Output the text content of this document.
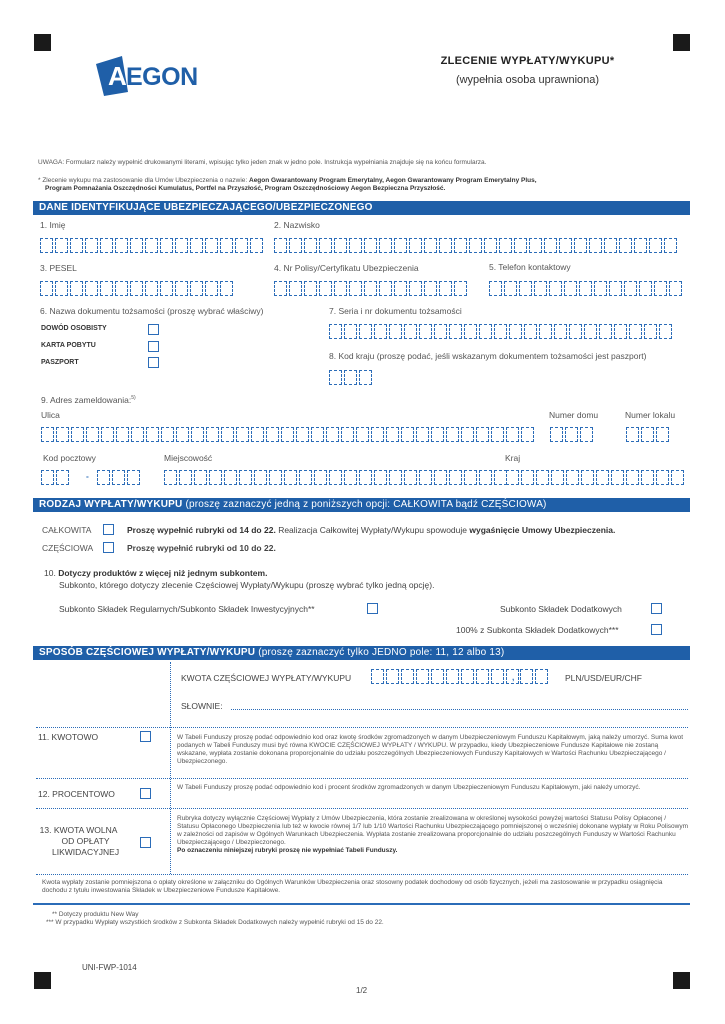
A EGON
ZLECENIE WYPŁATY/WYKUPU*
(wypełnia osoba uprawniona)
UWAGA: Formularz należy wypełnić drukowanymi literami, wpisując tylko jeden znak w jedno pole. Instrukcja wypełniania znajduje się na końcu formularza.
* Zlecenie wykupu ma zastosowanie dla Umów Ubezpieczenia o nazwie: Aegon Gwarantowany Program Emerytalny, Aegon Gwarantowany Program Emerytalny Plus,
Program Pomnażania Oszczędności Kumulatus, Portfel na Przyszłość, Program Oszczędnościowy Aegon Bezpieczna Przyszłość.
DANE IDENTYFIKUJĄCE UBEZPIECZAJĄCEGO/UBEZPIECZONEGO
1. Imię	2. Nazwisko
3. PESEL	4. Nr Polisy/Certyfikatu Ubezpieczenia	5. Telefon kontaktowy
6. Nazwa dokumentu tożsamości (proszę wybrać właściwy)
DOWÓD OSOBISTY
KARTA POBYTU
PASZPORT
7. Seria i nr dokumentu tożsamości
8. Kod kraju (proszę podać, jeśli wskazanym dokumentem tożsamości jest paszport)
9. Adres zameldowania:$^{5)}$
Ulica	Numer domu	Numer lokalu
Kod pocztowy	Miejscowość	Kraj
-
RODZAJ WYPŁATY/WYKUPU (proszę zaznaczyć jedną z poniższych opcji: CAŁKOWITA bądź CZĘŚCIOWA)
CAŁKOWITA	Proszę wypełnić rubryki od 14 do 22. Realizacja Całkowitej Wypłaty/Wykupu spowoduje wygaśnięcie Umowy Ubezpieczenia.
CZĘŚCIOWA	Proszę wypełnić rubryki od 10 do 22.
10. Dotyczy produktów z więcej niż jednym subkontem.
Subkonto, którego dotyczy zlecenie Częściowej Wypłaty/Wykupu (proszę wybrać tylko jedną opcję).
Subkonto Składek Regularnych/Subkonto Składek Inwestycyjnych**	Subkonto Składek Dodatkowych
100% z Subkonta Składek Dodatkowych***
SPOSÓB CZĘŚCIOWEJ WYPŁATY/WYKUPU (proszę zaznaczyć tylko JEDNO pole: 11, 12 albo 13)
KWOTA CZĘŚCIOWEJ WYPŁATY/WYKUPU	,	PLN/USD/EUR/CHF
SŁOWNIE:
11. KWOTOWO	W Tabeli Funduszy proszę podać odpowiednio kod oraz kwotę środków zgromadzonych w danym Ubezpieczeniowym Funduszu Kapitałowym, jaką należy umorzyć. Suma kwot podanych w Tabeli Funduszy musi być równa KWOCIE CZĘŚCIOWEJ WYPŁATY / WYKUPU. W przypadku, kiedy Ubezpieczeniowe Fundusze Kapitałowe nie zostaną wskazane, wypłata zostanie dokonana proporcjonalnie do udziału poszczególnych Ubezpieczeniowych Funduszy Kapitałowych w Wartości Rachunku Ubezpieczającego / Ubezpieczonego.
12. PROCENTOWO
W Tabeli Funduszy proszę podać odpowiednio kod i procent środków zgromadzonych w danym Ubezpieczeniowym Funduszu Kapitałowym, jaki należy umorzyć.
13. KWOTA WOLNA
OD OPŁATY
LIKWIDACYJNEJ
Rubryka dotyczy wyłącznie Częściowej Wypłaty z Umów Ubezpieczenia, która zostanie zrealizowana w określonej wysokości powyżej wartości Statusu Polisy Opłaconej / Statusu Opłaconego Ubezpieczenia lub też w kwocie równej 1/7 lub 1/10 Wartości Rachunku Ubezpieczającego pomniejszonej o wcześniej dokonane wypłaty w Roku Polisowym w zależności od zapisów w Ogólnych Warunkach Ubezpieczenia. Wypłata zostanie zrealizowana proporcjonalnie do udziału poszczególnych Funduszy w Wartości Rachunku Ubezpieczającego / Ubezpieczonego.
Po oznaczeniu niniejszej rubryki proszę nie wypełniać Tabeli Funduszy.
Kwota wypłaty zostanie pomniejszona o opłaty określone w załączniku do Ogólnych Warunków Ubezpieczenia oraz stosowny podatek dochodowy od osób fizycznych, jeżeli ma zastosowanie w przypadku osiągnięcia dochodu z tytułu inwestowania Składek w Ubezpieczeniowe Fundusze Kapitałowe.
** Dotyczy produktu New Way
*** W przypadku Wypłaty wszystkich środków z Subkonta Składek Dodatkowych należy wypełnić rubryki od 15 do 22.
UNI-FWP-1014
1/2
